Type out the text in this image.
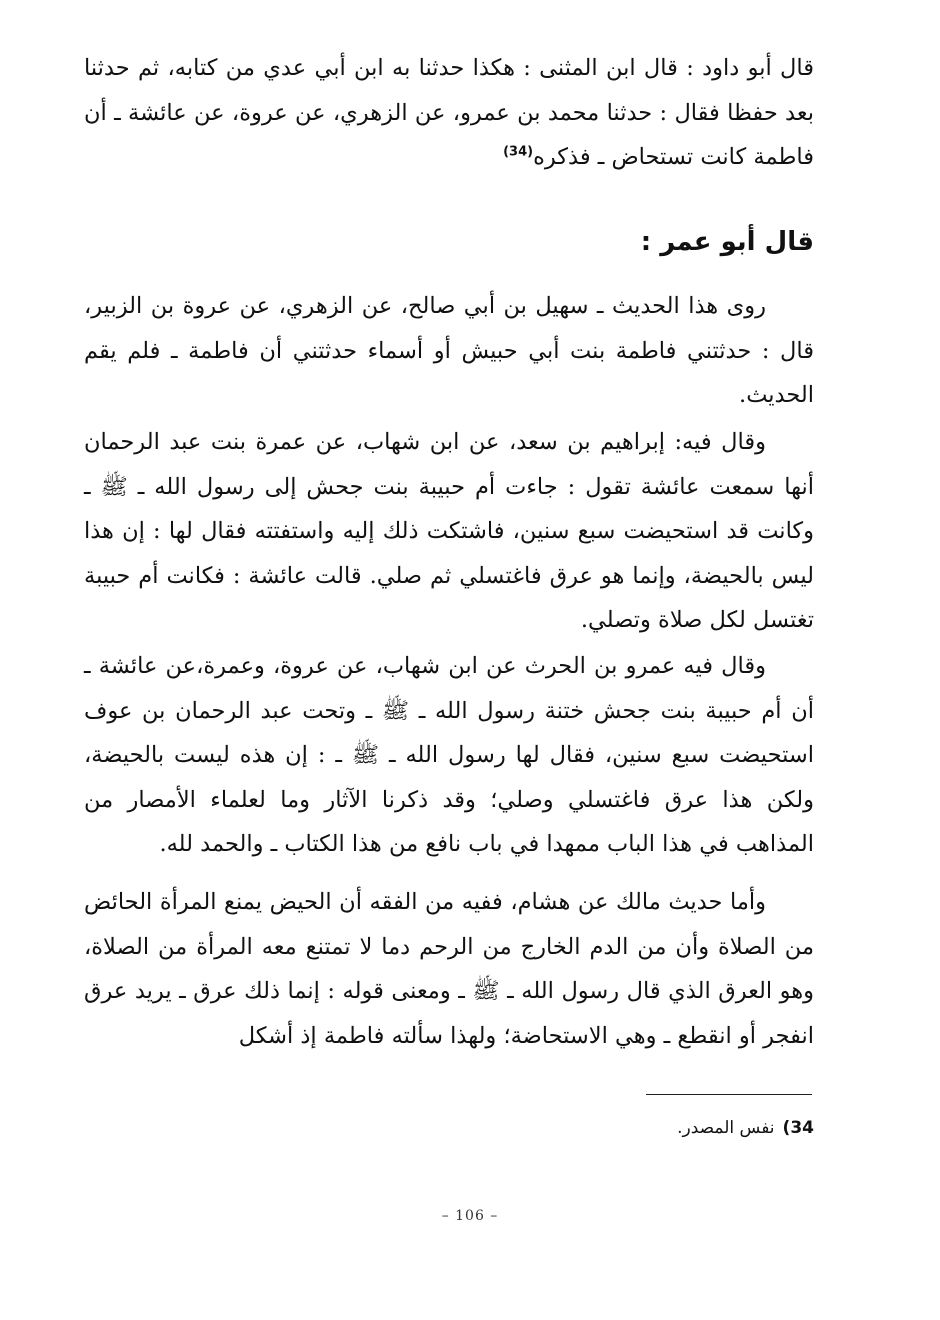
قال أبو داود : قال ابن المثنى : هكذا حدثنا به ابن أبي عدي من كتابه، ثم حدثنا بعد حفظا فقال : حدثنا محمد بن عمرو، عن الزهري، عن عروة، عن عائشة ـ أن فاطمة كانت تستحاض ـ فذكره$^{(34)}$

قال أبو عمر :

روى هذا الحديث ـ سهيل بن أبي صالح، عن الزهري، عن عروة بن الزبير، قال : حدثتني فاطمة بنت أبي حبيش أو أسماء حدثتني أن فاطمة ـ فلم يقم الحديث.

وقال فيه: إبراهيم بن سعد، عن ابن شهاب، عن عمرة بنت عبد الرحمان أنها سمعت عائشة تقول : جاءت أم حبيبة بنت جحش إلى رسول الله ـ ﷺ ـ وكانت قد استحيضت سبع سنين، فاشتكت ذلك إليه واستفتته فقال لها : إن هذا ليس بالحيضة، وإنما هو عرق فاغتسلي ثم صلي. قالت عائشة : فكانت أم حبيبة تغتسل لكل صلاة وتصلي.

وقال فيه عمرو بن الحرث عن ابن شهاب، عن عروة، وعمرة،عن عائشة ـ أن أم حبيبة بنت جحش ختنة رسول الله ـ ﷺ ـ وتحت عبد الرحمان بن عوف استحيضت سبع سنين، فقال لها رسول الله ـ ﷺ ـ : إن هذه ليست بالحيضة، ولكن هذا عرق فاغتسلي وصلي؛ وقد ذكرنا الآثار وما لعلماء الأمصار من المذاهب في هذا الباب ممهدا في باب نافع من هذا الكتاب ـ والحمد لله.

وأما حديث مالك عن هشام، ففيه من الفقه أن الحيض يمنع المرأة الحائض من الصلاة وأن من الدم الخارج من الرحم دما لا تمتنع معه المرأة من الصلاة، وهو العرق الذي قال رسول الله ـ ﷺ ـ ومعنى قوله : إنما ذلك عرق ـ يريد عرق انفجر أو انقطع ـ وهي الاستحاضة؛ ولهذا سألته فاطمة إذ أشكل

34)نفس المصدر.
– 106 –
